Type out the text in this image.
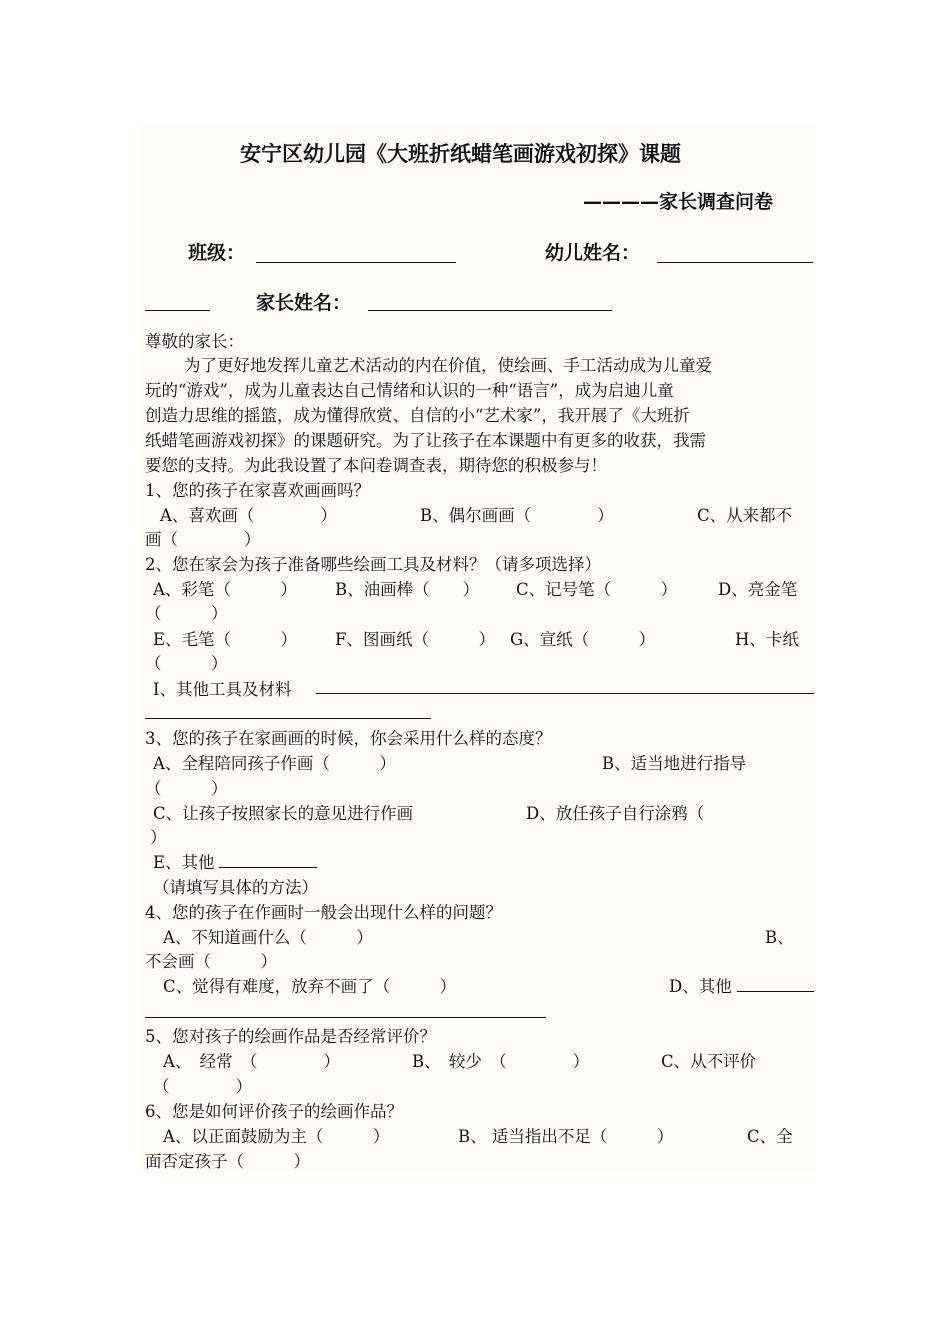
安宁区幼儿园《大班折纸蜡笔画游戏初探》课题
————家长调查问卷
班级：	幼儿姓名：
家长姓名：
尊敬的家长：
为了更好地发挥儿童艺术活动的内在价值，使绘画、手工活动成为儿童爱
玩的“游戏”，成为儿童表达自己情绪和认识的一种“语言”，成为启迪儿童
创造力思维的摇篮，成为懂得欣赏、自信的小“艺术家”，我开展了《大班折
纸蜡笔画游戏初探》的课题研究。为了让孩子在本课题中有更多的收获，我需
要您的支持。为此我设置了本问卷调查表，期待您的积极参与！
1、您的孩子在家喜欢画画吗？
A、喜欢画（　　　　）	B、偶尔画画（　　　　）	C、从来都不
画（　　　　）
2、您在家会为孩子准备哪些绘画工具及材料？（请多项选择）
A、彩笔（　　　） B、油画棒（　　） C、记号笔（　　　） D、亮金笔
（　　　）
E、毛笔（　　　） F、图画纸（　　　） G、宣纸（　　　）	H、卡纸
（　　　）
I、其他工具及材料
3、您的孩子在家画画的时候，你会采用什么样的态度？
A、全程陪同孩子作画（　　　）	B、适当地进行指导
（　　　）
C、让孩子按照家长的意见进行作画	D、放任孩子自行涂鸦（
）
E、其他
（请填写具体的方法）
4、您的孩子在作画时一般会出现什么样的问题？
A、不知道画什么（　　　）	B、
不会画（　　　）
C、觉得有难度，放弃不画了（　　　）	D、其他
5、您对孩子的绘画作品是否经常评价？
A、　经常　（　　　　）	B、　较少　（　　　　）	C、从不评价
（　　　　）
6、您是如何评价孩子的绘画作品？
A、以正面鼓励为主（　　　）	B、 适当指出不足（　　　）	C、全
面否定孩子（　　　）
